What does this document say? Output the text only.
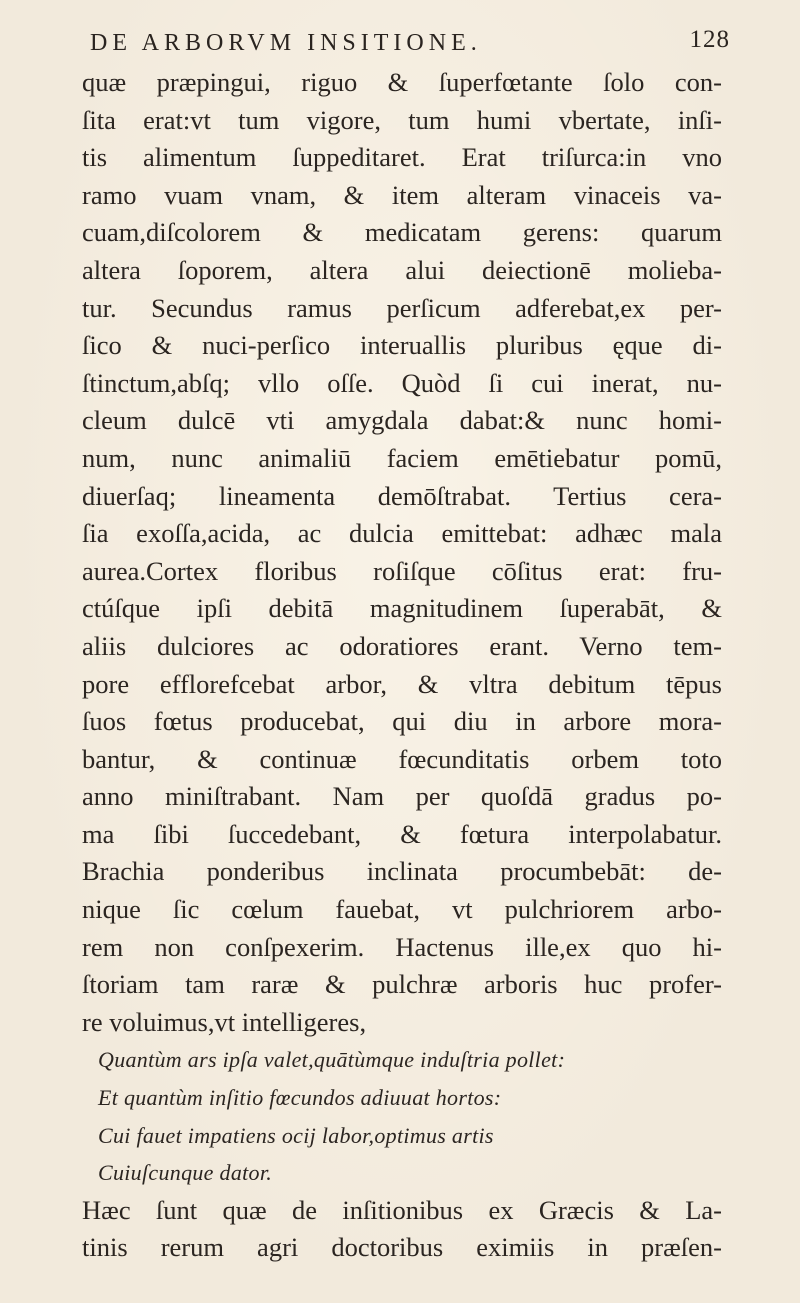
DE ARBORVM INSITIONE.	128
quæ præpingui, riguo & ſuperfœtante ſolo con-
ſita erat:vt tum vigore, tum humi vbertate, inſi-
tis alimentum ſuppeditaret. Erat triſurca:in vno
ramo vuam vnam, & item alteram vinaceis va-
cuam,diſcolorem & medicatam gerens: quarum
altera ſoporem, altera alui deiectionē molieba-
tur. Secundus ramus perſicum adferebat,ex per-
ſico & nuci-perſico interuallis pluribus ęque di-
ſtinctum,abſq; vllo oſſe. Quòd ſi cui inerat, nu-
cleum dulcē vti amygdala dabat:& nunc homi-
num, nunc animaliū faciem emētiebatur pomū,
diuerſaq; lineamenta demōſtrabat. Tertius cera-
ſia exoſſa,acida, ac dulcia emittebat: adhæc mala
aurea.Cortex floribus roſiſque cōſitus erat: fru-
ctúſque ipſi debitā magnitudinem ſuperabāt, &
aliis dulciores ac odoratiores erant. Verno tem-
pore efflorefcebat arbor, & vltra debitum tēpus
ſuos fœtus producebat, qui diu in arbore mora-
bantur, & continuæ fœcunditatis orbem toto
anno miniſtrabant. Nam per quoſdā gradus po-
ma ſibi ſuccedebant, & fœtura interpolabatur.
Brachia ponderibus inclinata procumbebāt: de-
nique ſic cœlum fauebat, vt pulchriorem arbo-
rem non conſpexerim. Hactenus ille,ex quo hi-
ſtoriam tam raræ & pulchræ arboris huc profer-
re voluimus,vt intelligeres,
Quantùm ars ipſa valet,quātùmque induſtria pollet:
Et quantùm inſitio fœcundos adiuuat hortos:
Cui fauet impatiens ocij labor,optimus artis
Cuiuſcunque dator.
Hæc ſunt quæ de inſitionibus ex Græcis & La-
tinis rerum agri doctoribus eximiis in præſen-
